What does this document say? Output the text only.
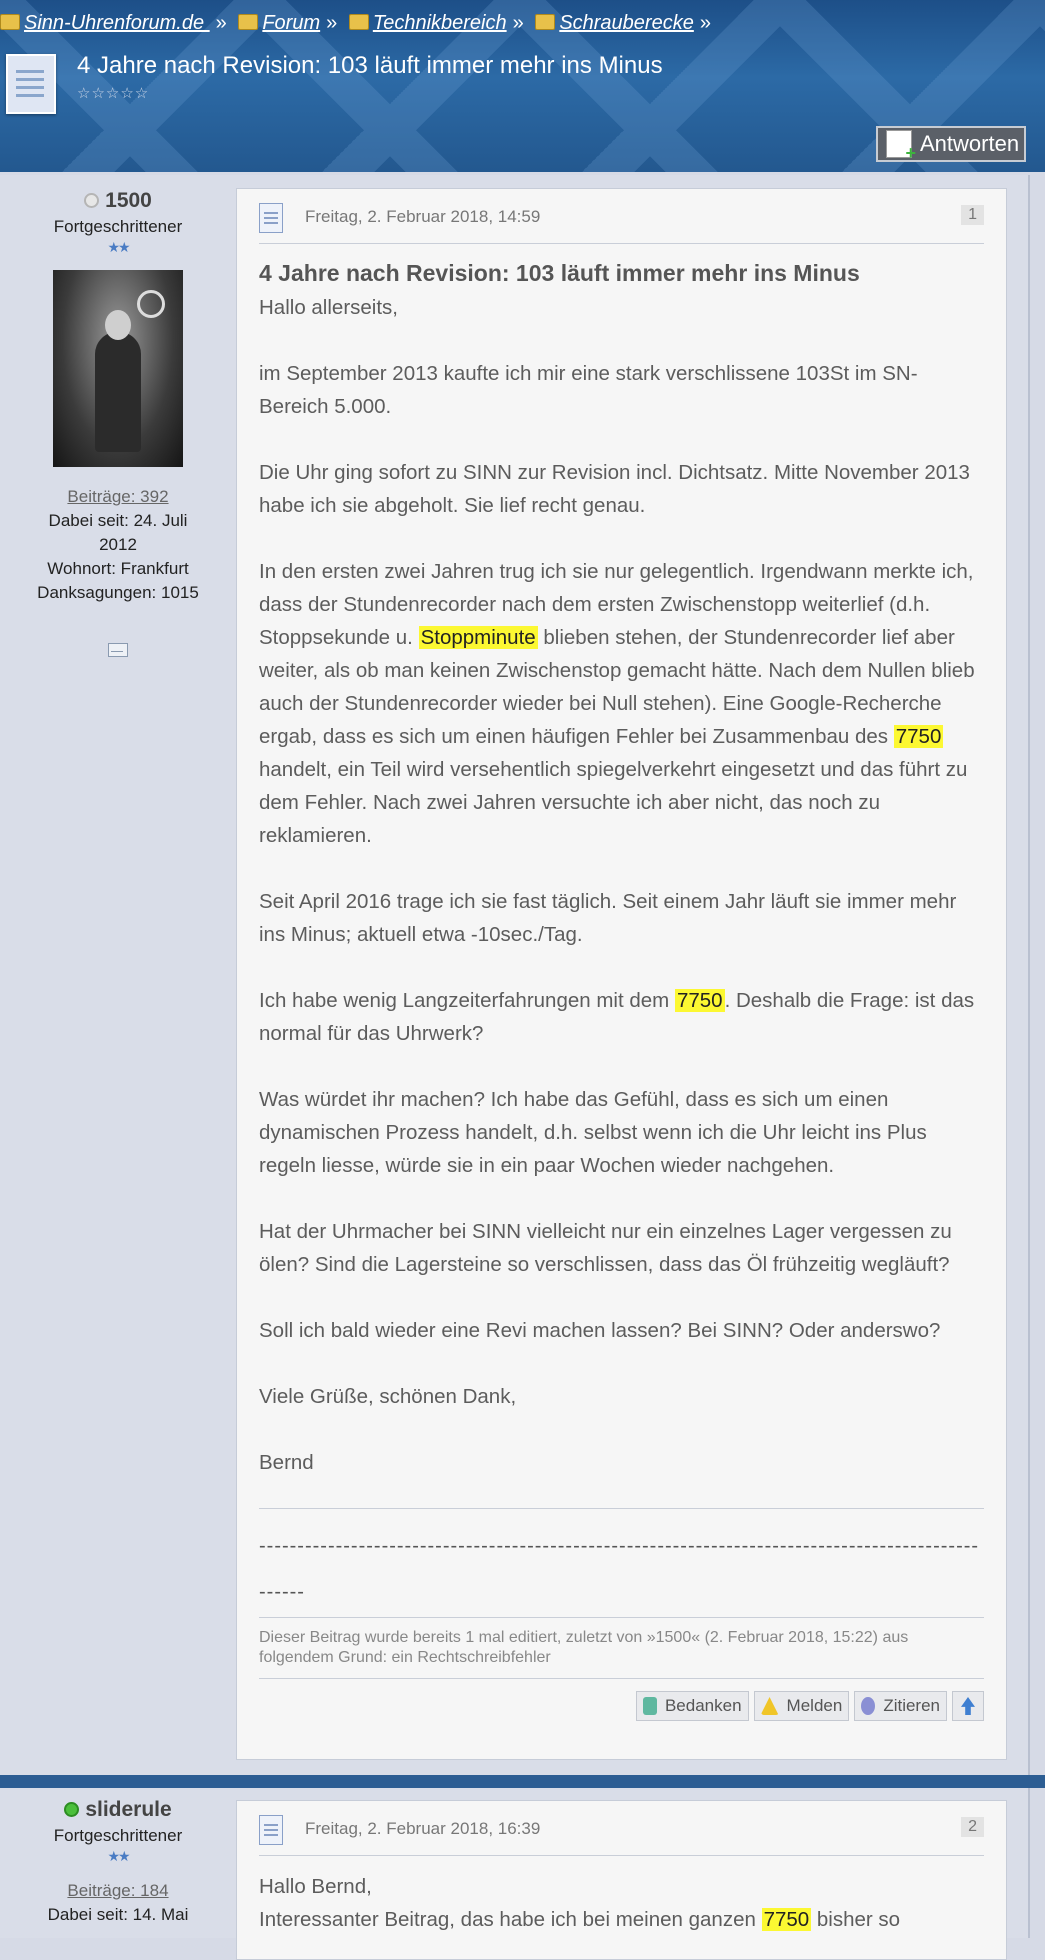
Sinn-Uhrenforum.de » Forum » Technikbereich » Schrauberecke »
4 Jahre nach Revision: 103 läuft immer mehr ins Minus
☆☆☆☆☆
+
Antworten
1500
Fortgeschrittener
★★
Beiträge: 392
Dabei seit: 24. Juli 2012
Wohnort: Frankfurt
Danksagungen: 1015
Freitag, 2. Februar 2018, 14:59	1
4 Jahre nach Revision: 103 läuft immer mehr ins Minus

Hallo allerseits,

im September 2013 kaufte ich mir eine stark verschlissene 103St im SN-Bereich 5.000.

Die Uhr ging sofort zu SINN zur Revision incl. Dichtsatz. Mitte November 2013 habe ich sie abgeholt. Sie lief recht genau.

In den ersten zwei Jahren trug ich sie nur gelegentlich. Irgendwann merkte ich, dass der Stundenrecorder nach dem ersten Zwischenstopp weiterlief (d.h. Stoppsekunde u. Stoppminute blieben stehen, der Stundenrecorder lief aber weiter, als ob man keinen Zwischenstop gemacht hätte. Nach dem Nullen blieb auch der Stundenrecorder wieder bei Null stehen). Eine Google-Recherche ergab, dass es sich um einen häufigen Fehler bei Zusammenbau des 7750 handelt, ein Teil wird versehentlich spiegelverkehrt eingesetzt und das führt zu dem Fehler. Nach zwei Jahren versuchte ich aber nicht, das noch zu reklamieren.

Seit April 2016 trage ich sie fast täglich. Seit einem Jahr läuft sie immer mehr ins Minus; aktuell etwa -10sec./Tag.

Ich habe wenig Langzeiterfahrungen mit dem 7750. Deshalb die Frage: ist das normal für das Uhrwerk?

Was würdet ihr machen? Ich habe das Gefühl, dass es sich um einen dynamischen Prozess handelt, d.h. selbst wenn ich die Uhr leicht ins Plus regeln liesse, würde sie in ein paar Wochen wieder nachgehen.

Hat der Uhrmacher bei SINN vielleicht nur ein einzelnes Lager vergessen zu ölen? Sind die Lagersteine so verschlissen, dass das Öl frühzeitig wegläuft?

Soll ich bald wieder eine Revi machen lassen? Bei SINN? Oder anderswo?

Viele Grüße, schönen Dank,

Bernd

----------------------------------------------------------------------------------------------------
Dieser Beitrag wurde bereits 1 mal editiert, zuletzt von »1500« (2. Februar 2018, 15:22) aus folgendem Grund: ein Rechtschreibfehler
Bedanken	Melden Zitieren
sliderule
Fortgeschrittener
★★
Beiträge: 184
Dabei seit: 14. Mai
Freitag, 2. Februar 2018, 16:39	2
Hallo Bernd,
Interessanter Beitrag, das habe ich bei meinen ganzen 7750 bisher so
